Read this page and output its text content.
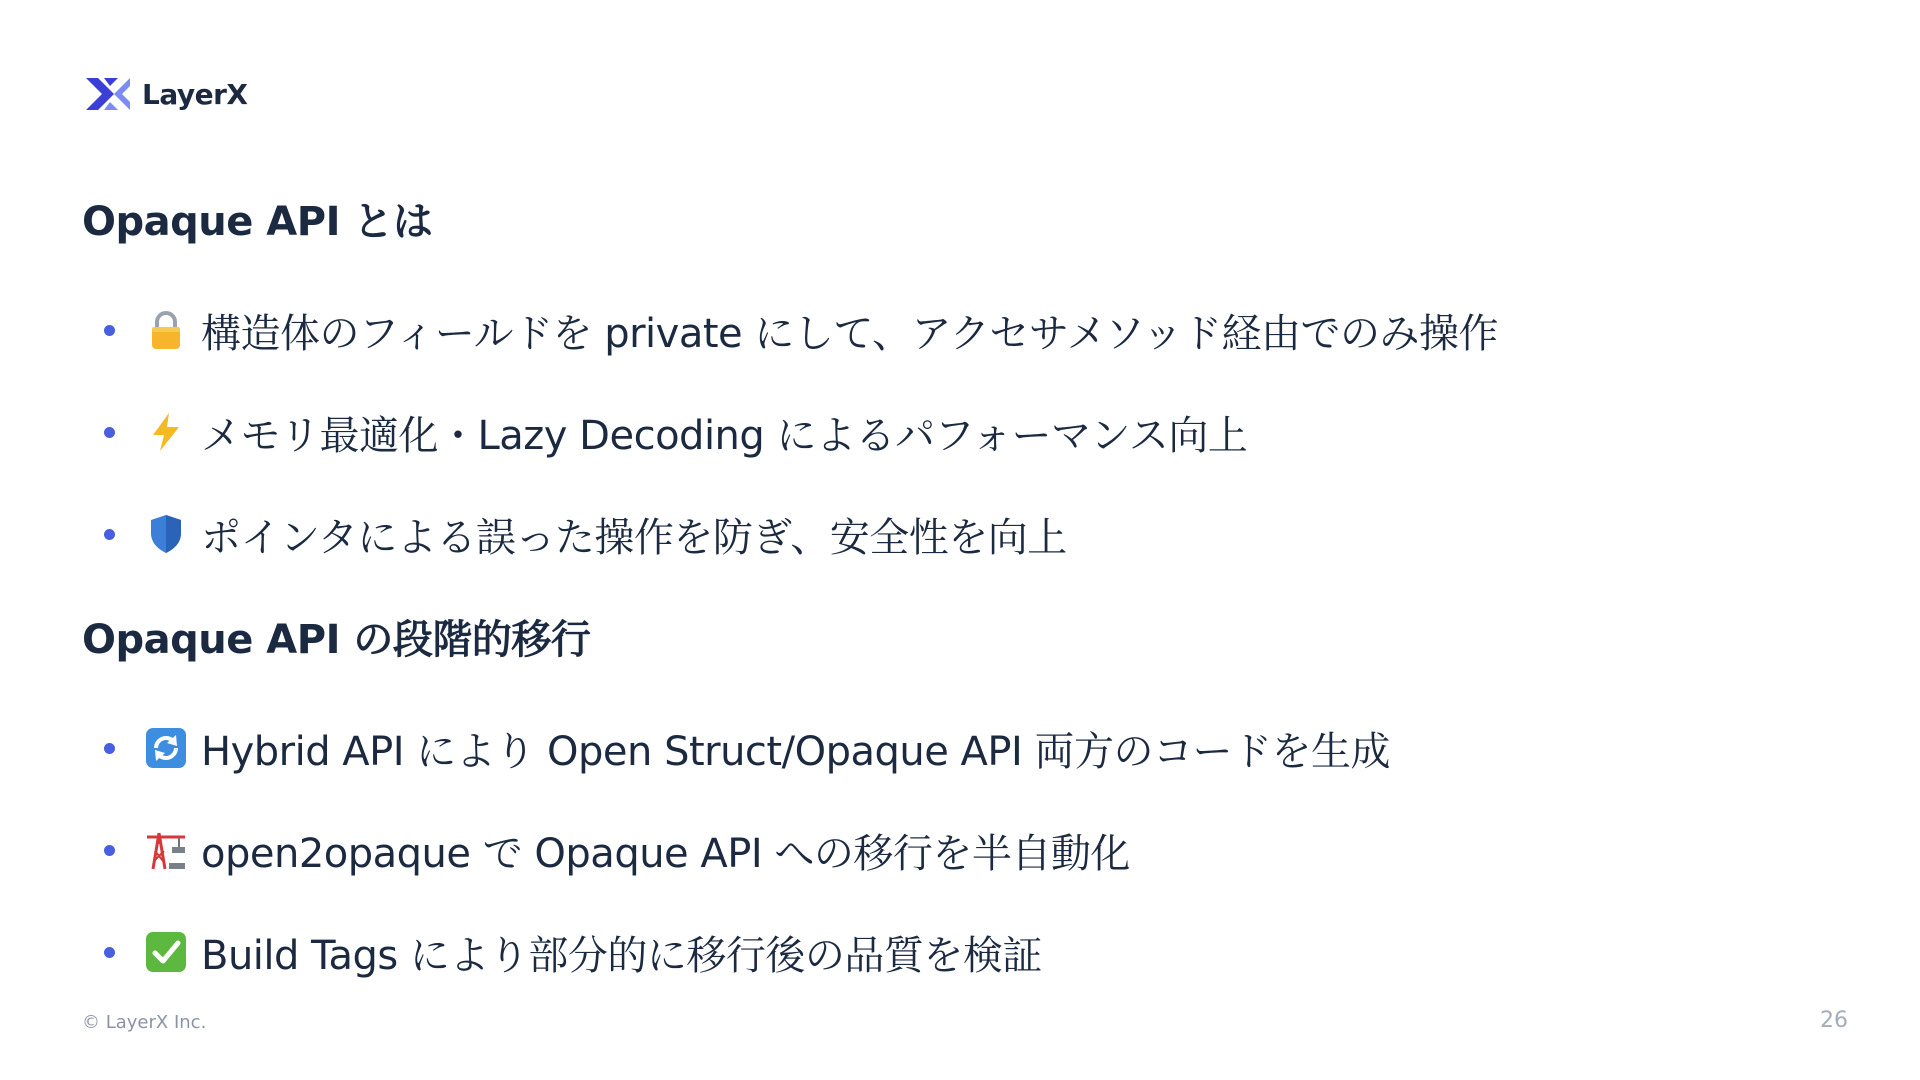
LayerX
Opaque API とは
構造体のフィールドを private にして、アクセサメソッド経由でのみ操作
メモリ最適化・Lazy Decoding によるパフォーマンス向上
ポインタによる誤った操作を防ぎ、安全性を向上
Opaque API の段階的移行
Hybrid API により Open Struct/Opaque API 両方のコードを生成
open2opaque で Opaque API への移行を半自動化
Build Tags により部分的に移行後の品質を検証
© LayerX Inc.	26
